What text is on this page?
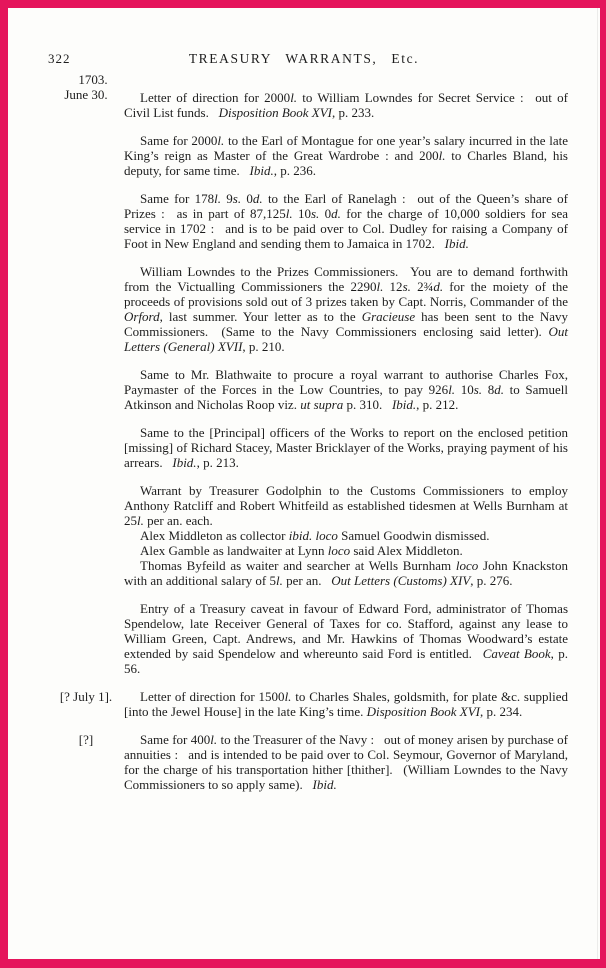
322	TREASURY WARRANTS, Etc.
1703.
June 30.	Letter of direction for 2000l. to William Lowndes for Secret Service :  out of Civil List funds.  Disposition Book XVI, p. 233.

Same for 2000l. to the Earl of Montague for one year’s salary incurred in the late King’s reign as Master of the Great Wardrobe : and 200l. to Charles Bland, his deputy, for same time.  Ibid., p. 236.

Same for 178l. 9s. 0d. to the Earl of Ranelagh :  out of the Queen’s share of Prizes :  as in part of 87,125l. 10s. 0d. for the charge of 10,000 soldiers for sea service in 1702 :  and is to be paid over to Col. Dudley for raising a Company of Foot in New England and sending them to Jamaica in 1702.  Ibid.

William Lowndes to the Prizes Commissioners.  You are to demand forthwith from the Victualling Commissioners the 2290l. 12s. 2¾d. for the moiety of the proceeds of provisions sold out of 3 prizes taken by Capt. Norris, Commander of the Orford, last summer. Your letter as to the Gracieuse has been sent to the Navy Commissioners.  (Same to the Navy Commissioners enclosing said letter). Out Letters (General) XVII, p. 210.

Same to Mr. Blathwaite to procure a royal warrant to authorise Charles Fox, Paymaster of the Forces in the Low Countries, to pay 926l. 10s. 8d. to Samuell Atkinson and Nicholas Roop viz. ut supra p. 310.  Ibid., p. 212.

Same to the [Principal] officers of the Works to report on the enclosed petition [missing] of Richard Stacey, Master Bricklayer of the Works, praying payment of his arrears.  Ibid., p. 213.

Warrant by Treasurer Godolphin to the Customs Commissioners to employ Anthony Ratcliff and Robert Whitfeild as established tidesmen at Wells Burnham at 25l. per an. each.

Alex Middleton as collector ibid. loco Samuel Goodwin dismissed.

Alex Gamble as landwaiter at Lynn loco said Alex Middleton.

Thomas Byfeild as waiter and searcher at Wells Burnham loco John Knackston with an additional salary of 5l. per an.  Out Letters (Customs) XIV, p. 276.

Entry of a Treasury caveat in favour of Edward Ford, administrator of Thomas Spendelow, late Receiver General of Taxes for co. Stafford, against any lease to William Green, Capt. Andrews, and Mr. Hawkins of Thomas Woodward’s estate extended by said Spendelow and whereunto said Ford is entitled.  Caveat Book, p. 56.

[? July 1].	Letter of direction for 1500l. to Charles Shales, goldsmith, for plate &c. supplied [into the Jewel House] in the late King’s time. Disposition Book XVI, p. 234.

[?]	Same for 400l. to the Treasurer of the Navy :  out of money arisen by purchase of annuities :  and is intended to be paid over to Col. Seymour, Governor of Maryland, for the charge of his transportation hither [thither].  (William Lowndes to the Navy Commissioners to so apply same).  Ibid.
